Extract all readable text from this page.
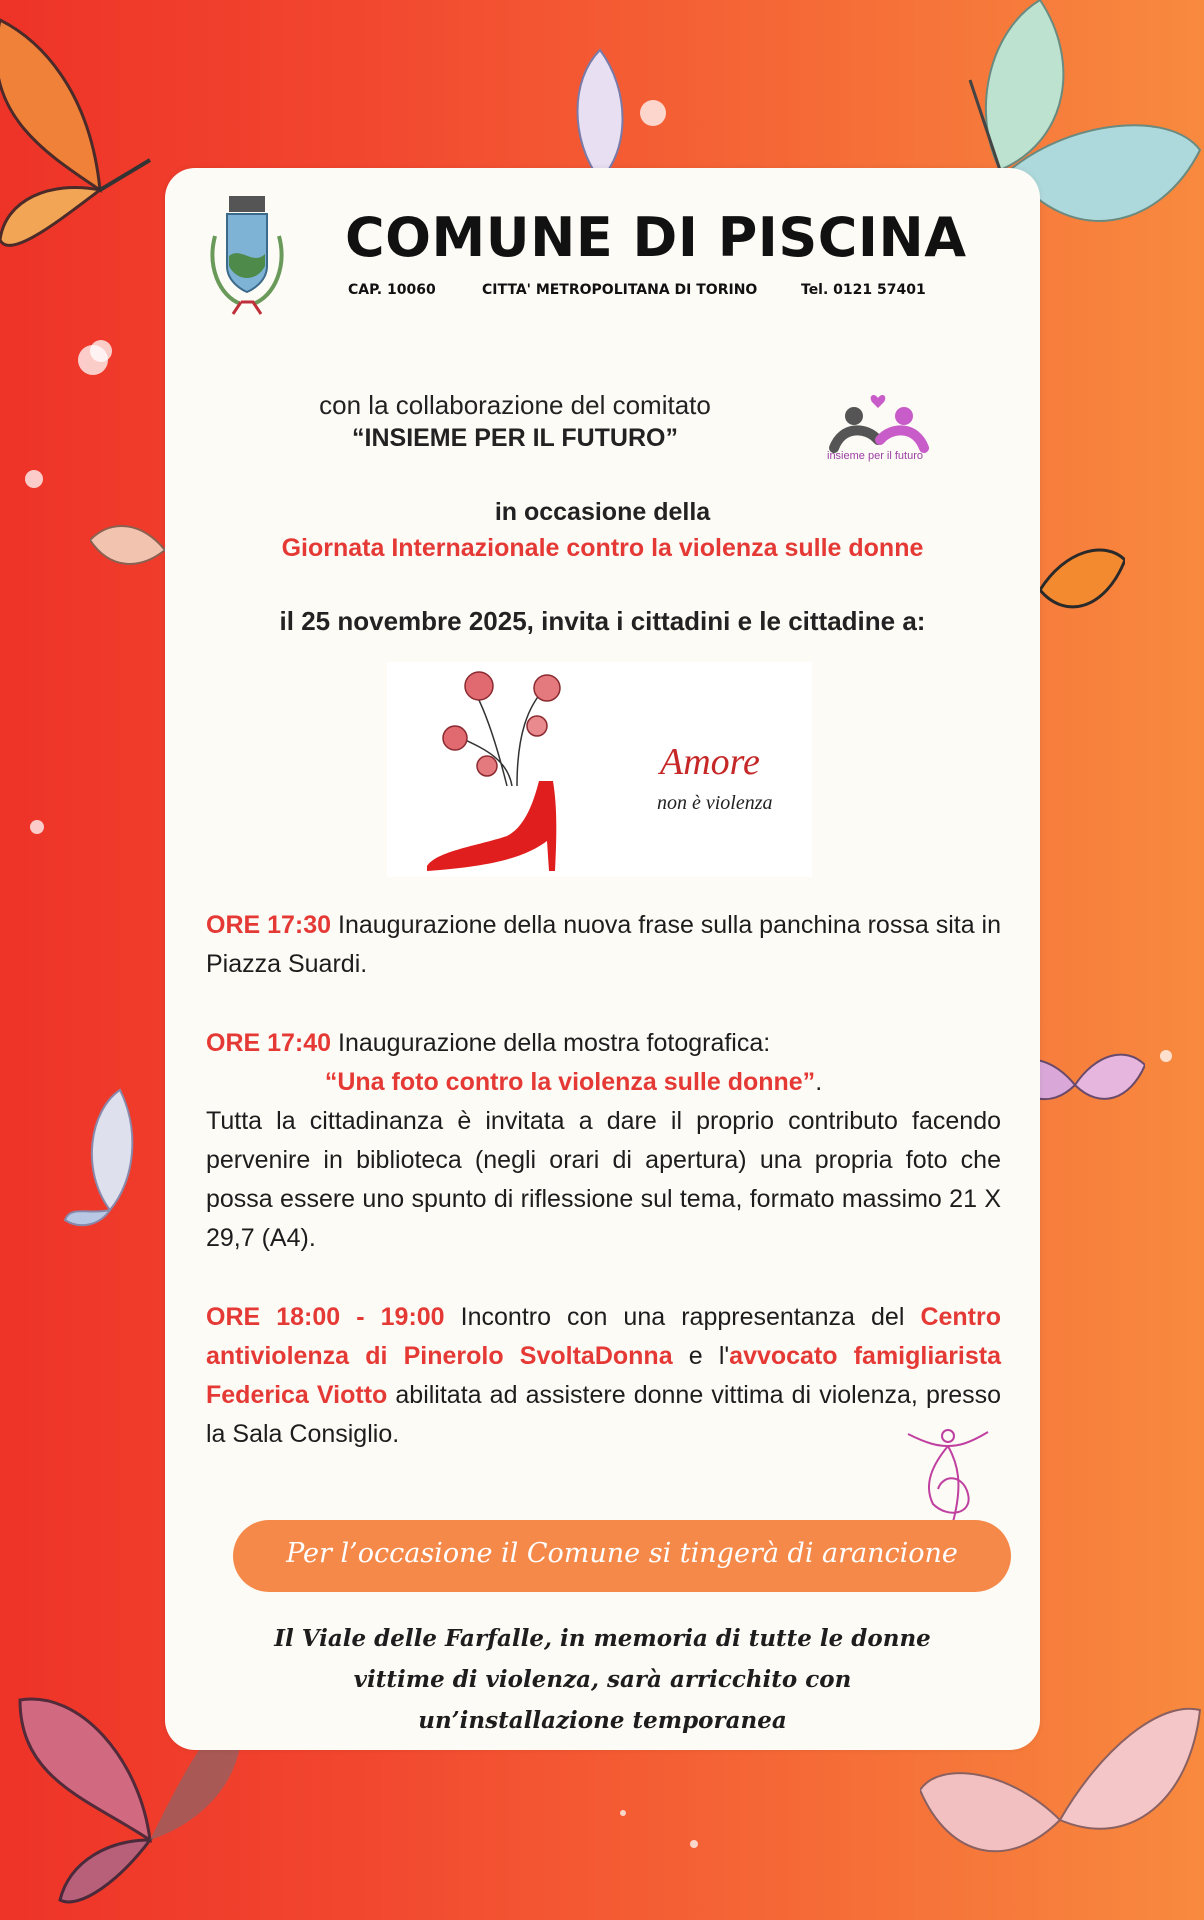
COMUNE DI PISCINA
CAP. 10060	CITTA' METROPOLITANA DI TORINO	Tel. 0121 57401
con la collaborazione del comitato
“INSIEME PER IL FUTURO”
insieme per il futuro
in occasione della
Giornata Internazionale contro la violenza sulle donne
il 25 novembre 2025, invita i cittadini e le cittadine a:
Amore
non è violenza
ORE 17:30 Inaugurazione della nuova frase sulla panchina rossa sita in Piazza Suardi.
ORE 17:40 Inaugurazione della mostra fotografica:
“Una foto contro la violenza sulle donne”.
Tutta la cittadinanza è invitata a dare il proprio contributo facendo pervenire in biblioteca (negli orari di apertura) una propria foto che possa essere uno spunto di riflessione sul tema, formato massimo 21 X 29,7 (A4).
ORE 18:00 - 19:00 Incontro con una rappresentanza del Centro antiviolenza di Pinerolo SvoltaDonna e l'avvocato famigliarista Federica Viotto abilitata ad assistere donne vittima di violenza, presso la Sala Consiglio.
Per l’occasione il Comune si tingerà di arancione
Il Viale delle Farfalle, in memoria di tutte le donne
vittime di violenza, sarà arricchito con
un’installazione temporanea
